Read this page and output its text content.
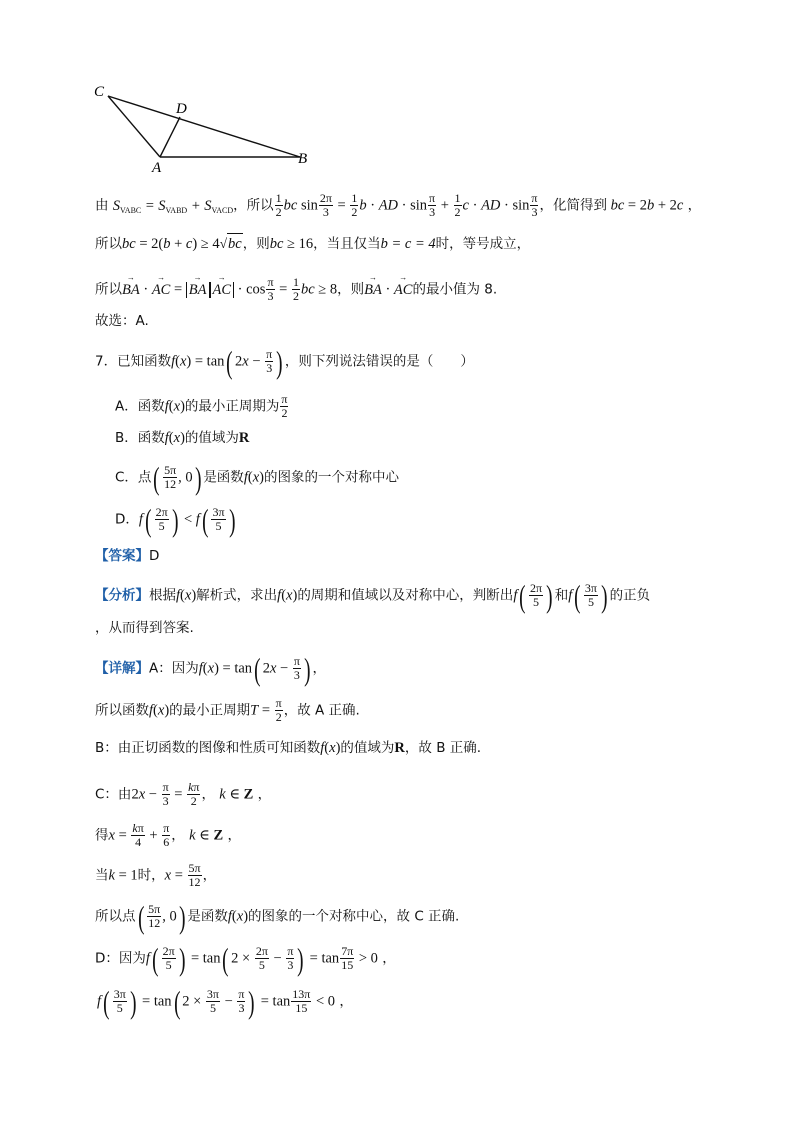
C
D
A
B
由 $S_{VABC} = S_{VABD} + S_{VACD}$，所以 $\frac{1}{2}$ bc $\sin \frac{2\pi}{3} = \frac{1}{2}$ b · AD · $\sin \frac{\pi}{3} + \frac{1}{2}$ c · AD · $\sin \frac{\pi}{3}$ ，化简得到 bc = 2b + 2c ，
所以bc = 2(b + c) ≥ 4√bc，则bc ≥ 16，当且仅当b = c = 4时，等号成立，
所以→ BA · → AC = → BA→ AC · $\cos \frac{\pi}{3} = \frac{1}{2}$ bc ≥ 8，则→ BA · → AC的最小值为 8.
故选：A.
7．已知函数f(x) = tan( $2x - \frac{\pi}{3}$ ) ，则下列说法错误的是（　　）
A．函数f(x)的最小正周期为 $\frac{\pi}{2}$
B．函数f(x)的值域为R
C．点( $\frac{5\pi}{12}$ , 0) 是函数f(x)的图象的一个对称中心
D．$f( \frac{2\pi}{5}$ ) < $f( \frac{3\pi}{5}$ )
【答案】D
【分析】根据f(x)解析式，求出f(x)的周期和值域以及对称中心，判断出$f( \frac{2\pi}{5}$ ) 和$f( \frac{3\pi}{5}$ ) 的正负
，从而得到答案.
【详解】A：因为f(x) = tan( $2x - \frac{\pi}{3}$ ) ，
所以函数f(x)的最小正周期$T = \frac{\pi}{2}$ ，故 A 正确.
B：由正切函数的图像和性质可知函数f(x)的值域为R，故 B 正确.
C：由$2x - \frac{\pi}{3} = \frac{k\pi}{2}$ ， k ∈ Z ，
得$x = \frac{k\pi}{4} + \frac{\pi}{6}$ ， k ∈ Z ，
当k = 1时，$x = \frac{5\pi}{12}$ ，
所以点( $\frac{5\pi}{12}$ , 0) 是函数f(x)的图象的一个对称中心，故 C 正确.
D：因为$f( \frac{2\pi}{5}$ ) = tan( $2 \times \frac{2\pi}{5} - \frac{\pi}{3}$ ) = $\tan \frac{7\pi}{15} > 0$ ，
$f( \frac{3\pi}{5}$ ) = tan( $2 \times \frac{3\pi}{5} - \frac{\pi}{3}$ ) = $\tan \frac{13\pi}{15} < 0$ ，
